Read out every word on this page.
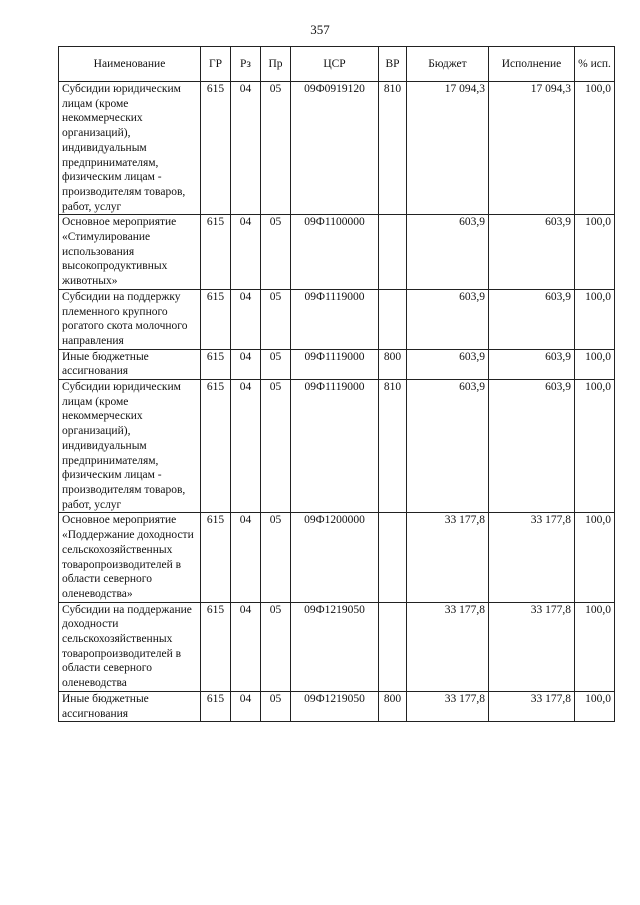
357
Наименование	ГР	Рз	Пр	ЦСР	ВР	Бюджет	Исполнение	% исп.
Субсидии юридическим лицам (кроме некоммерческих организаций), индивидуальным предпринимателям, физическим лицам - производителям товаров, работ, услуг	615	04	05	09Ф0919120	810	17 094,3	17 094,3	100,0
Основное мероприятие «Стимулирование использования высокопродуктивных животных»	615	04	05	09Ф1100000		603,9	603,9	100,0
Субсидии на поддержку племенного крупного рогатого скота молочного направления	615	04	05	09Ф1119000		603,9	603,9	100,0
Иные бюджетные ассигнования	615	04	05	09Ф1119000	800	603,9	603,9	100,0
Субсидии юридическим лицам (кроме некоммерческих организаций), индивидуальным предпринимателям, физическим лицам - производителям товаров, работ, услуг	615	04	05	09Ф1119000	810	603,9	603,9	100,0
Основное мероприятие «Поддержание доходности сельскохозяйственных товаропроизводителей в области северного оленеводства»	615	04	05	09Ф1200000		33 177,8	33 177,8	100,0
Субсидии на поддержание доходности сельскохозяйственных товаропроизводителей в области северного оленеводства	615	04	05	09Ф1219050		33 177,8	33 177,8	100,0
Иные бюджетные ассигнования	615	04	05	09Ф1219050	800	33 177,8	33 177,8	100,0
